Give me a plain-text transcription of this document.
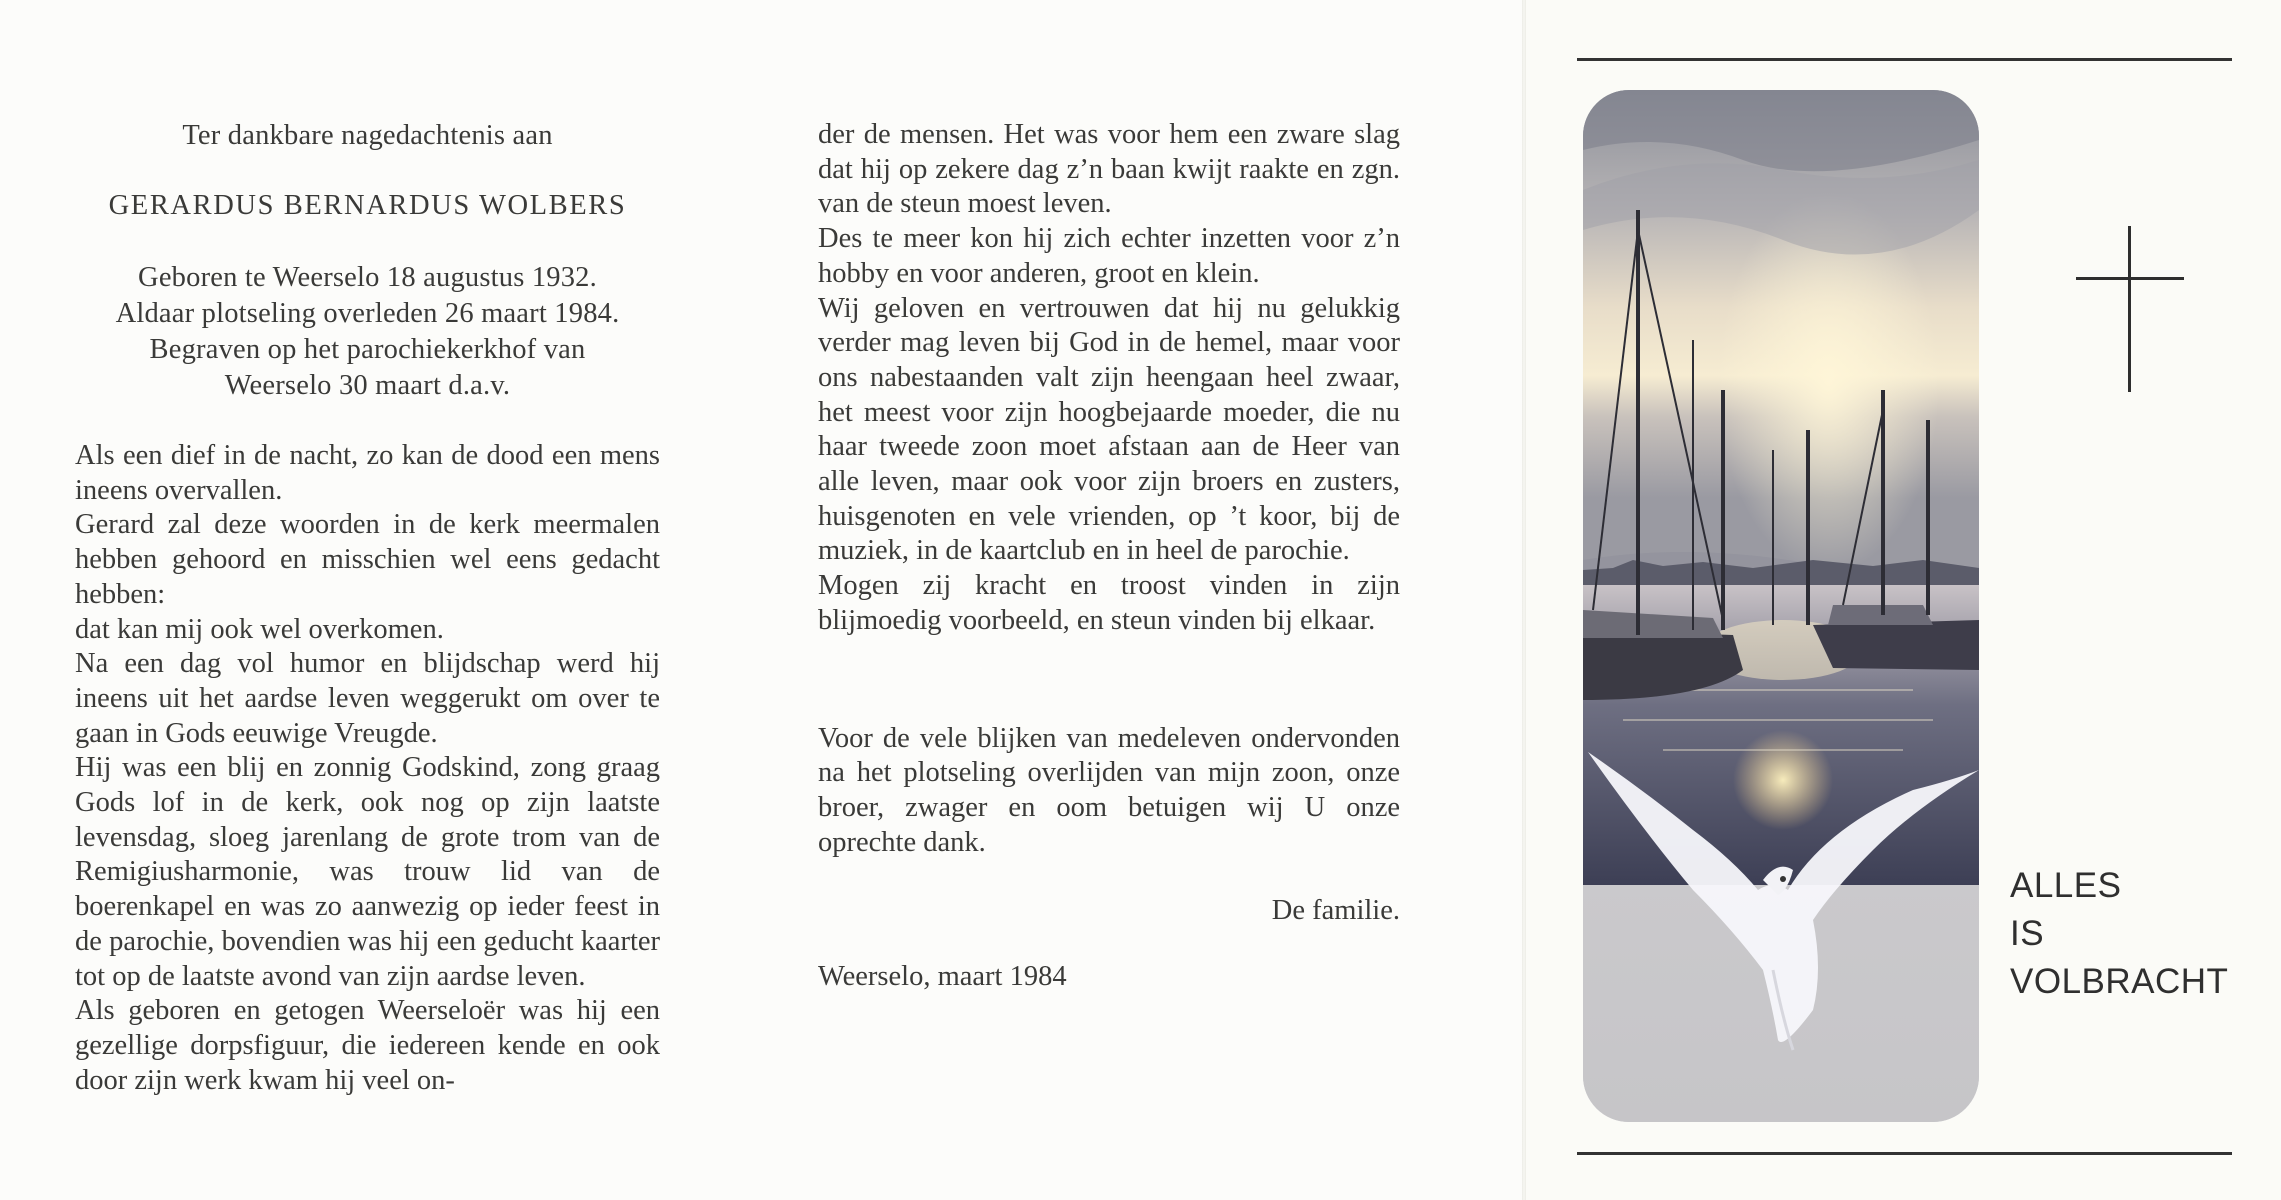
Ter dankbare nagedachtenis aan
GERARDUS BERNARDUS WOLBERS
Geboren te Weerselo 18 augustus 1932.
Aldaar plotseling overleden 26 maart 1984.
Begraven op het parochiekerkhof van
Weerselo 30 maart d.a.v.

Als een dief in de nacht, zo kan de dood een mens ineens overvallen.

Gerard zal deze woorden in de kerk meermalen hebben gehoord en misschien wel eens gedacht hebben:

dat kan mij ook wel overkomen.

Na een dag vol humor en blijdschap werd hij ineens uit het aardse leven weggerukt om over te gaan in Gods eeuwige Vreugde.

Hij was een blij en zonnig Godskind, zong graag Gods lof in de kerk, ook nog op zijn laatste levensdag, sloeg jarenlang de grote trom van de Remigiusharmonie, was trouw lid van de boerenkapel en was zo aanwezig op ieder feest in de parochie, bovendien was hij een geducht kaarter tot op de laatste avond van zijn aardse leven.

Als geboren en getogen Weerseloër was hij een gezellige dorpsfiguur, die iedereen kende en ook door zijn werk kwam hij veel on-

der de mensen. Het was voor hem een zware slag dat hij op zekere dag z’n baan kwijt raakte en zgn. van de steun moest leven.

Des te meer kon hij zich echter inzetten voor z’n hobby en voor anderen, groot en klein.

Wij geloven en vertrouwen dat hij nu gelukkig verder mag leven bij God in de hemel, maar voor ons nabestaanden valt zijn heengaan heel zwaar, het meest voor zijn hoogbejaarde moeder, die nu haar tweede zoon moet afstaan aan de Heer van alle leven, maar ook voor zijn broers en zusters, huisgenoten en vele vrienden, op ’t koor, bij de muziek, in de kaartclub en in heel de parochie.

Mogen zij kracht en troost vinden in zijn blijmoedig voorbeeld, en steun vinden bij elkaar.

Voor de vele blijken van medeleven ondervonden na het plotseling overlijden van mijn zoon, onze broer, zwager en oom betuigen wij U onze oprechte dank.

De familie.
Weerselo, maart 1984
ALLES
IS
VOLBRACHT
